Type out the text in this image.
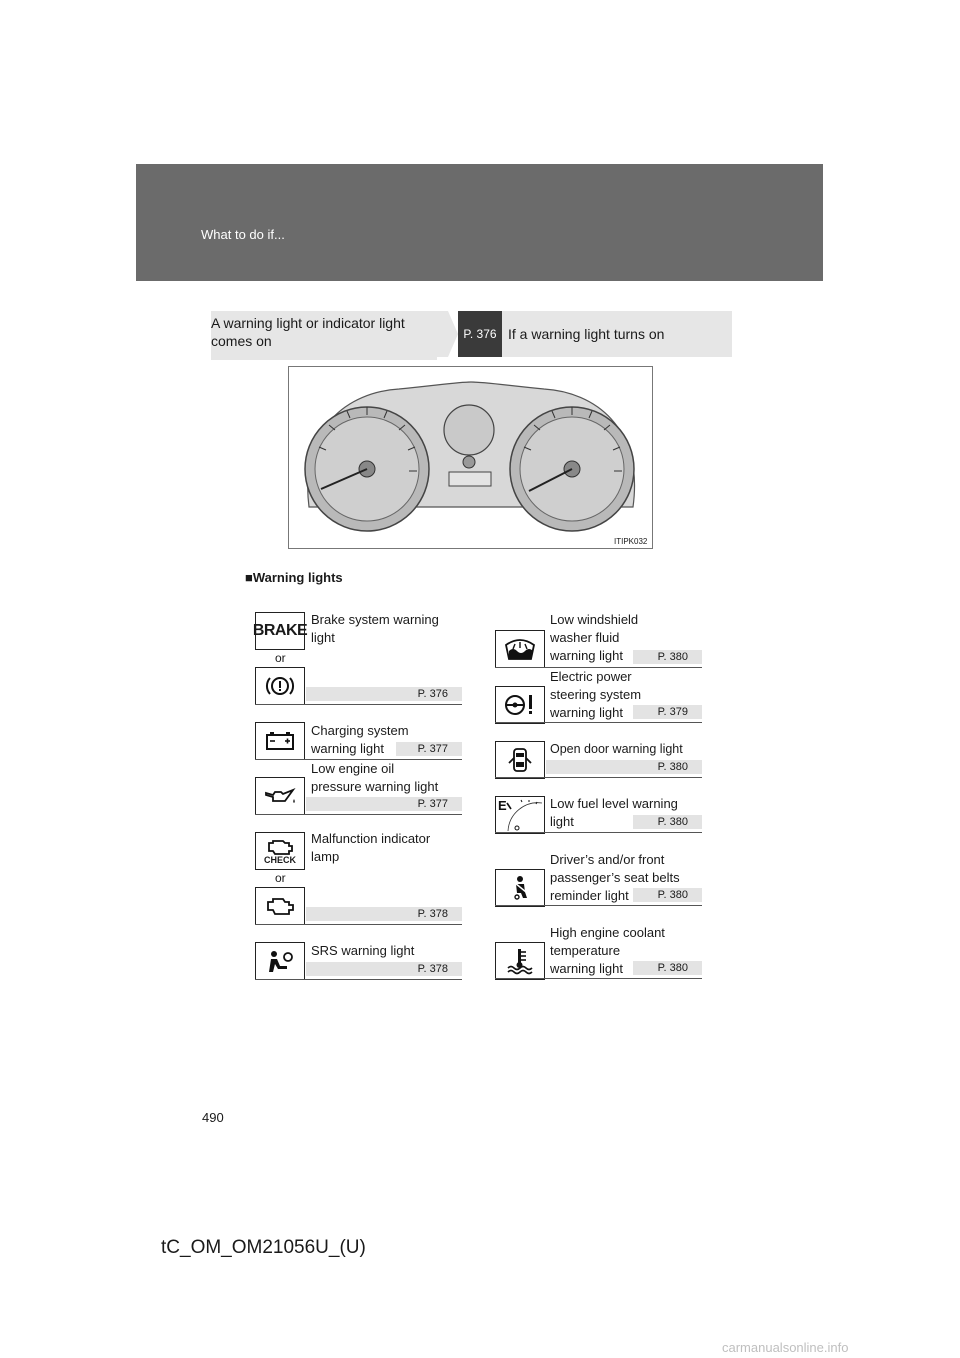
What to do if...
A warning light or indicator light
comes on	P. 376 If a warning light turns on
ITIPK032
■Warning lights
BRAKE
or
Brake system warning
light
P. 376
Charging system
warning light	P. 377
Low engine oil
pressure warning light
P. 377
CHECK
or
Malfunction indicator
lamp
P. 378
SRS warning light
P. 378
Low windshield
washer fluid
warning light	P. 380
Electric power
steering system
warning light	P. 379
Open door warning light
P. 380
E	Low fuel level warning
light	P. 380
Driver’s and/or front
passenger’s seat belts
reminder light	P. 380
High engine coolant
temperature
warning light	P. 380
490
tC_OM_OM21056U_(U)
carmanualsonline.info
